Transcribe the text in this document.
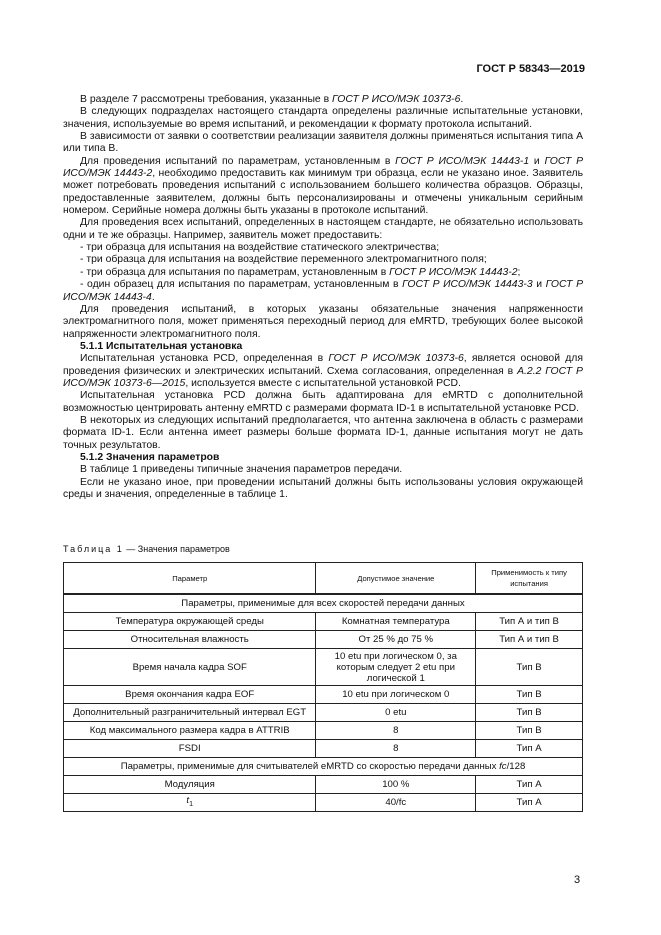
ГОСТ Р 58343—2019

В разделе 7 рассмотрены требования, указанные в ГОСТ Р ИСО/МЭК 10373-6.

В следующих подразделах настоящего стандарта определены различные испытательные установки, значения, используемые во время испытаний, и рекомендации к формату протокола испытаний.

В зависимости от заявки о соответствии реализации заявителя должны применяться испытания типа А или типа В.

Для проведения испытаний по параметрам, установленным в ГОСТ Р ИСО/МЭК 14443-1 и ГОСТ Р ИСО/МЭК 14443-2, необходимо предоставить как минимум три образца, если не указано иное. Заявитель может потребовать проведения испытаний с использованием большего количества образцов. Образцы, предоставленные заявителем, должны быть персонализированы и отмечены уникальным серийным номером. Серийные номера должны быть указаны в протоколе испытаний.

Для проведения всех испытаний, определенных в настоящем стандарте, не обязательно использовать одни и те же образцы. Например, заявитель может предоставить:

- три образца для испытания на воздействие статического электричества;

- три образца для испытания на воздействие переменного электромагнитного поля;

- три образца для испытания по параметрам, установленным в ГОСТ Р ИСО/МЭК 14443-2;

- один образец для испытания по параметрам, установленным в ГОСТ Р ИСО/МЭК 14443-3 и ГОСТ Р ИСО/МЭК 14443-4.

Для проведения испытаний, в которых указаны обязательные значения напряженности электромагнитного поля, может применяться переходный период для eMRTD, требующих более высокой напряженности электромагнитного поля.

5.1.1 Испытательная установка

Испытательная установка PCD, определенная в ГОСТ Р ИСО/МЭК 10373-6, является основой для проведения физических и электрических испытаний. Схема согласования, определенная в А.2.2 ГОСТ Р ИСО/МЭК 10373-6—2015, используется вместе с испытательной установкой PCD.

Испытательная установка PCD должна быть адаптирована для eMRTD с дополнительной возможностью центрировать антенну eMRTD с размерами формата ID-1 в испытательной установке PCD.

В некоторых из следующих испытаний предполагается, что антенна заключена в область с размерами формата ID-1. Если антенна имеет размеры больше формата ID-1, данные испытания могут не дать точных результатов.

5.1.2 Значения параметров

В таблице 1 приведены типичные значения параметров передачи.

Если не указано иное, при проведении испытаний должны быть использованы условия окружающей среды и значения, определенные в таблице 1.

Таблица 1 — Значения параметров
Параметр	Допустимое значение	Применимость к типу испытания
Параметры, применимые для всех скоростей передачи данных		
Температура окружающей среды	Комнатная температура	Тип А и тип В
Относительная влажность	От 25 % до 75 %	Тип А и тип В
Время начала кадра SOF	10 etu при логическом 0, за которым следует 2 etu при логической 1	Тип В
Время окончания кадра EOF	10 etu при логическом 0	Тип В
Дополнительный разграничительный интервал EGT	0 etu	Тип В
Код максимального размера кадра в ATTRIB	8	Тип В
FSDI	8	Тип А
Параметры, применимые для считывателей eMRTD со скоростью передачи данных fc/128		
Модуляция	100 %	Тип А
$t_1$	40/fc	Тип А
3
